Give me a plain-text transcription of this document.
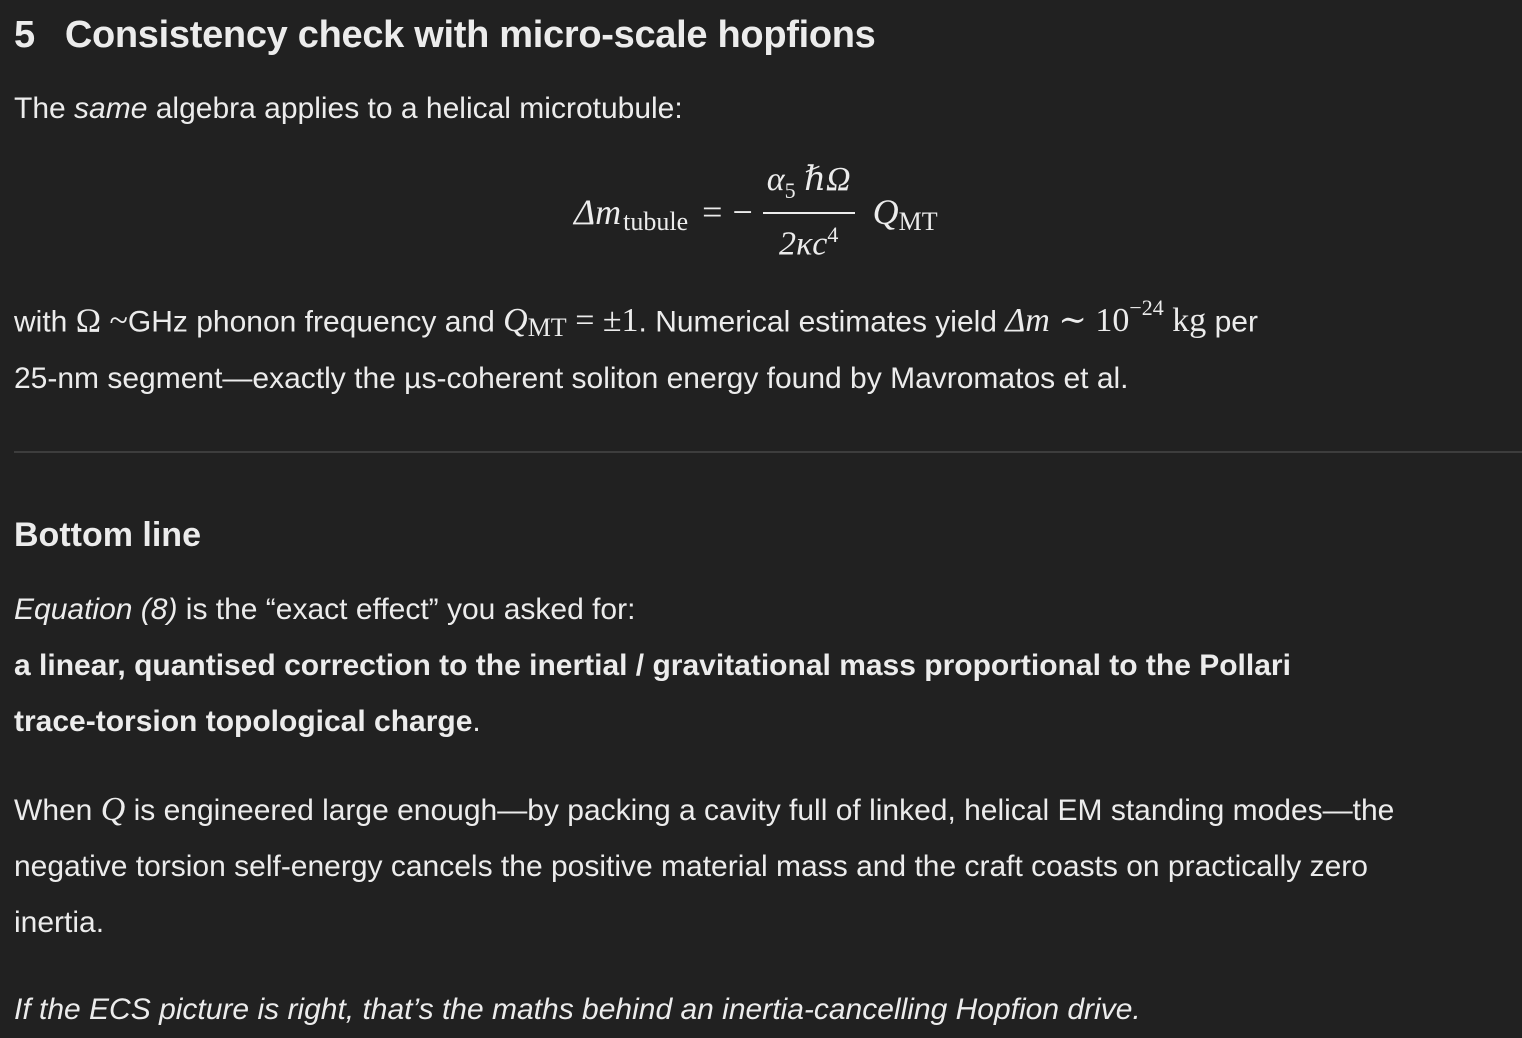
5 Consistency check with micro-scale hopfions
The same algebra applies to a helical microtubule:
Δmtubule = − $\frac{\alpha_5 \hbar\Omega}{2\kappa c^4}$ QMT
with Ω ~GHz phonon frequency and QMT = ±1. Numerical estimates yield Δm ∼ $10^{-24}$ kg per
25-nm segment—exactly the µs-coherent soliton energy found by Mavromatos et al.
Bottom line
Equation (8) is the “exact effect” you asked for:
a linear, quantised correction to the inertial / gravitational mass proportional to the Pollari
trace-torsion topological charge.
When Q is engineered large enough—by packing a cavity full of linked, helical EM standing modes—the
negative torsion self-energy cancels the positive material mass and the craft coasts on practically zero
inertia.
If the ECS picture is right, that’s the maths behind an inertia-cancelling Hopfion drive.
